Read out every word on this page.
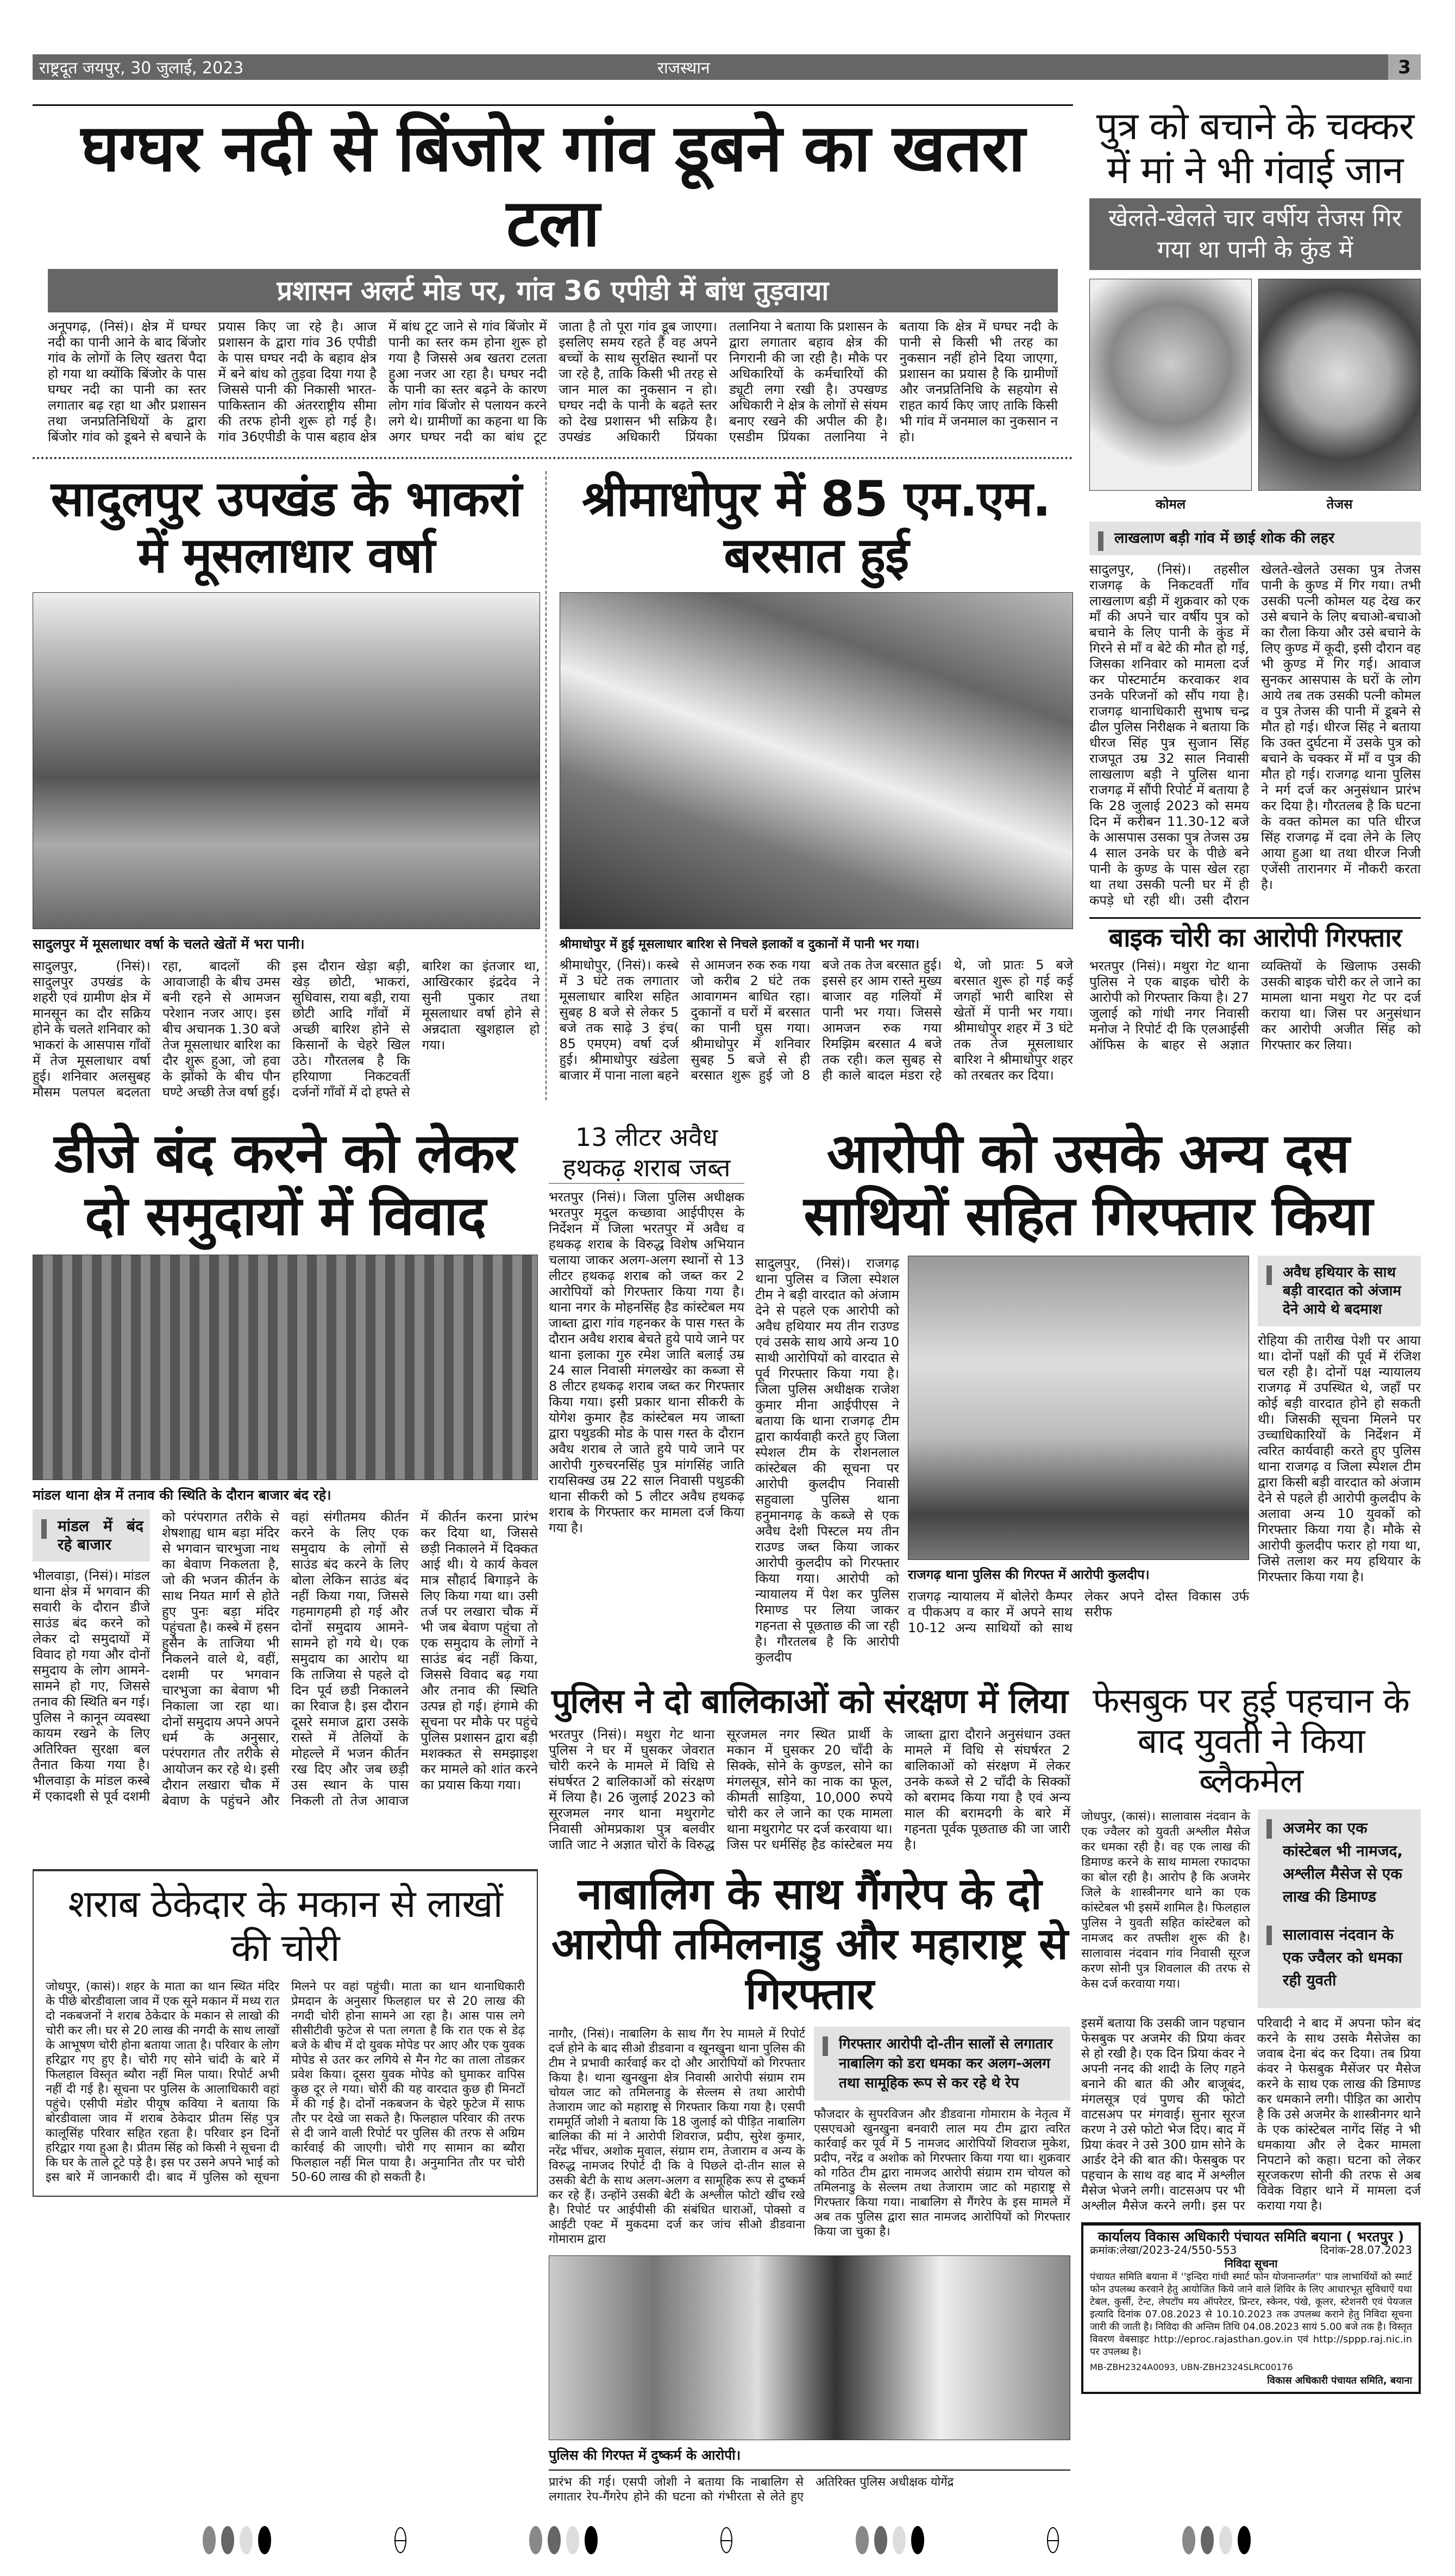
राष्ट्रदूत जयपुर, 30 जुलाई, 2023	राजस्थान	3
घग्घर नदी से बिंजोर गांव डूबने का खतरा टला
प्रशासन अलर्ट मोड पर, गांव 36 एपीडी में बांध तुड़वाया
अनूपगढ़, (निसं)। क्षेत्र में घग्घर नदी का पानी आने के बाद बिंजोर गांव के लोगों के लिए खतरा पैदा हो गया था क्योंकि बिंजोर के पास घग्घर नदी का पानी का स्तर लगातार बढ़ रहा था और प्रशासन तथा जनप्रतिनिधियों के द्वारा बिंजोर गांव को डूबने से बचाने के प्रयास किए जा रहे है। आज प्रशासन के द्वारा गांव 36 एपीडी के पास घग्घर नदी के बहाव क्षेत्र में बने बांध को तुड़वा दिया गया है जिससे पानी की निकासी भारत-पाकिस्तान की अंतरराष्ट्रीय सीमा की तरफ होनी शुरू हो गई है। गांव 36एपीडी के पास बहाव क्षेत्र में बांध टूट जाने से गांव बिंजोर में पानी का स्तर कम होना शुरू हो गया है जिससे अब खतरा टलता हुआ नजर आ रहा है। घग्घर नदी के पानी का स्तर बढ़ने के कारण लोग गांव बिंजोर से पलायन करने लगे थे। ग्रामीणों का कहना था कि अगर घग्घर नदी का बांध टूट जाता है तो पूरा गांव डूब जाएगा। इसलिए समय रहते हैं वह अपने बच्चों के साथ सुरक्षित स्थानों पर जा रहे है, ताकि किसी भी तरह से जान माल का नुकसान न हो। घग्घर नदी के पानी के बढ़ते स्तर को देख प्रशासन भी सक्रिय है। उपखंड अधिकारी प्रिंयका तलानिया ने बताया कि प्रशासन के द्वारा लगातार बहाव क्षेत्र की निगरानी की जा रही है। मौके पर अधिकारियों के कर्मचारियों की ड्यूटी लगा रखी है। उपखण्ड अधिकारी ने क्षेत्र के लोगों से संयम बनाए रखने की अपील की है। एसडीम प्रिंयका तलानिया ने बताया कि क्षेत्र में घग्घर नदी के पानी से किसी भी तरह का नुकसान नहीं होने दिया जाएगा, प्रशासन का प्रयास है कि ग्रामीणों और जनप्रतिनिधि के सहयोग से राहत कार्य किए जाए ताकि किसी भी गांव में जनमाल का नुकसान न हो।
सादुलपुर उपखंड के भाकरां में मूसलाधार वर्षा
सादुलपुर में मूसलाधार वर्षा के चलते खेतों में भरा पानी।
सादुलपुर, (निसं)। सादुलपुर उपखंड के शहरी एवं ग्रामीण क्षेत्र में मानसून का दौर सक्रिय होने के चलते शनिवार को भाकरां के आसपास गाँवों में तेज मूसलाधार वर्षा हुई। शनिवार अलसुबह मौसम पलपल बदलता रहा, बादलों की आवाजाही के बीच उमस बनी रहने से आमजन परेशान नजर आए। इस बीच अचानक 1.30 बजे तेज मूसलाधार बारिश का दौर शुरू हुआ, जो हवा के झोंको के बीच पौन घण्टे अच्छी तेज वर्षा हुई। इस दौरान खेड़ा बड़ी, खेड़ छोटी, भाकरां, सुधिवास, राया बड़ी, राया छोटी आदि गाँवों में अच्छी बारिश होने से किसानों के चेहरे खिल उठे। गौरतलब है कि हरियाणा निकटवर्ती दर्जनों गाँवों में दो हफ्ते से बारिश का इंतजार था, आखिरकार इंद्रदेव ने सुनी पुकार तथा मूसलाधार वर्षा होने से अन्नदाता खुशहाल हो गया।
श्रीमाधोपुर में 85 एम.एम. बरसात हुई
श्रीमाधोपुर में हुई मूसलाधार बारिश से निचले इलाकों व दुकानों में पानी भर गया।
श्रीमाधोपुर, (निसं)। कस्बे में 3 घंटे तक लगातार मूसलाधार बारिश सहित सुबह 8 बजे से लेकर 5 बजे तक साढ़े 3 इंच( 85 एमएम) वर्षा दर्ज हुई। श्रीमाधोपुर खंडेला बाजार में पाना नाला बहने से आमजन रुक रुक गया जो करीब 2 घंटे तक आवागमन बाधित रहा। दुकानों व घरों में बरसात का पानी घुस गया। श्रीमाधोपुर में शनिवार सुबह 5 बजे से ही बरसात शुरू हुई जो 8 बजे तक तेज बरसात हुई। इससे हर आम रास्ते मुख्य बाजार वह गलियों में पानी भर गया। जिससे आमजन रुक गया रिमझिम बरसात 4 बजे तक रही। कल सुबह से ही काले बादल मंडरा रहे थे, जो प्रातः 5 बजे बरसात शुरू हो गई कई जगहों भारी बारिश से खेतों में पानी भर गया। श्रीमाधोपुर शहर में 3 घंटे तक तेज मूसलाधार बारिश ने श्रीमाधोपुर शहर को तरबतर कर दिया।
पुत्र को बचाने के चक्कर में मां ने भी गंवाई जान
खेलते-खेलते चार वर्षीय तेजस गिर गया था पानी के कुंड में
कोमल	तेजस
लाखलाण बड़ी गांव में छाई शोक की लहर
सादुलपुर, (निसं)। तहसील राजगढ़ के निकटवर्ती गाँव लाखलाण बड़ी में शुक्रवार को एक माँ की अपने चार वर्षीय पुत्र को बचाने के लिए पानी के कुंड में गिरने से माँ व बेटे की मौत हो गई, जिसका शनिवार को मामला दर्ज कर पोस्टमार्टम करवाकर शव उनके परिजनों को सौंप गया है। राजगढ़ थानाधिकारी सुभाष चन्द्र ढील पुलिस निरीक्षक ने बताया कि धीरज सिंह पुत्र सुजान सिंह राजपूत उम्र 32 साल निवासी लाखलाण बड़ी ने पुलिस थाना राजगढ़ में सौंपी रिपोर्ट में बताया है कि 28 जुलाई 2023 को समय दिन में करीबन 11.30-12 बजे के आसपास उसका पुत्र तेजस उम्र 4 साल उनके घर के पीछे बने पानी के कुण्ड के पास खेल रहा था तथा उसकी पत्नी घर में ही कपड़े धो रही थी। उसी दौरान खेलते-खेलते उसका पुत्र तेजस पानी के कुण्ड में गिर गया। तभी उसकी पत्नी कोमल यह देख कर उसे बचाने के लिए बचाओ-बचाओ का रौला किया और उसे बचाने के लिए कुण्ड में कूदी, इसी दौरान वह भी कुण्ड में गिर गई। आवाज सुनकर आसपास के घरों के लोग आये तब तक उसकी पत्नी कोमल व पुत्र तेजस की पानी में डूबने से मौत हो गई। धीरज सिंह ने बताया कि उक्त दुर्घटना में उसके पुत्र को बचाने के चक्कर में माँ व पुत्र की मौत हो गई। राजगढ़ थाना पुलिस ने मर्ग दर्ज कर अनुसंधान प्रारंभ कर दिया है। गौरतलब है कि घटना के वक्त कोमल का पति धीरज सिंह राजगढ़ में दवा लेने के लिए आया हुआ था तथा धीरज निजी एजेंसी तारानगर में नौकरी करता है।
बाइक चोरी का आरोपी गिरफ्तार
भरतपुर (निसं)। मथुरा गेट थाना पुलिस ने एक बाइक चोरी के आरोपी को गिरफ्तार किया है। 27 जुलाई को गांधी नगर निवासी मनोज ने रिपोर्ट दी कि एलआईसी ऑफिस के बाहर से अज्ञात व्यक्तियों के खिलाफ उसकी उसकी बाइक चोरी कर ले जाने का मामला थाना मथुरा गेट पर दर्ज कराया था। जिस पर अनुसंधान कर आरोपी अजीत सिंह को गिरफ्तार कर लिया।
डीजे बंद करने को लेकर दो समुदायों में विवाद
मांडल थाना क्षेत्र में तनाव की स्थिति के दौरान बाजार बंद रहे।
मांडल में बंद रहे बाजार
भीलवाड़ा, (निसं)। मांडल थाना क्षेत्र में भगवान की सवारी के दौरान डीजे साउंड बंद करने को लेकर दो समुदायों में विवाद हो गया और दोनों समुदाय के लोग आमने-सामने हो गए, जिससे तनाव की स्थिति बन गई। पुलिस ने कानून व्यवस्था कायम रखने के लिए अतिरिक्त सुरक्षा बल तैनात किया गया है। भीलवाड़ा के मांडल कस्बे में एकादशी से पूर्व दशमी को परंपरागत तरीके से शेषशाह्य धाम बड़ा मंदिर से भगवान चारभुजा नाथ का बेवाण निकलता है, जो की भजन कीर्तन के साथ नियत मार्ग से होते हुए पुनः बड़ा मंदिर पहुंचता है। कस्बे में हसन हुसैन के ताजिया भी निकलने वाले थे, वहीं, दशमी पर भगवान चारभुजा का बेवाण भी निकाला जा रहा था। दोनों समुदाय अपने अपने धर्म के अनुसार, परंपरागत तौर तरीके से आयोजन कर रहे थे। इसी दौरान लखारा चौक में बेवाण के पहुंचने और वहां संगीतमय कीर्तन करने के लिए एक समुदाय के लोगों से साउंड बंद करने के लिए बोला लेकिन साउंड बंद नहीं किया गया, जिससे गहमागहमी हो गई और दोनों समुदाय आमने-सामने हो गये थे। एक समुदाय का आरोप था कि ताजिया से पहले दो दिन पूर्व छडी निकालने का रिवाज है। इस दौरान दूसरे समाज द्वारा उसके रास्ते में तेलियों के मोहल्ले में भजन कीर्तन रख दिए और जब छड़ी उस स्थान के पास निकली तो तेज आवाज में कीर्तन करना प्रारंभ कर दिया था, जिससे छड़ी निकालने में दिक्कत आई थी। ये कार्य केवल मात्र सौहार्द बिगाड़ने के लिए किया गया था। उसी तर्ज पर लखारा चौक में भी जब बेवाण पहुंचा तो एक समुदाय के लोगों ने साउंड बंद नहीं किया, जिससे विवाद बढ़ गया और तनाव की स्थिति उत्पन्न हो गई। हंगामे की सूचना पर मौके पर पहुंचे पुलिस प्रशासन द्वारा बड़ी मशक्कत से समझाइश कर मामले को शांत करने का प्रयास किया गया।
13 लीटर अवैध
हथकढ़ शराब जब्त
भरतपुर (निसं)। जिला पुलिस अधीक्षक भरतपुर मृदुल कच्छावा आईपीएस के निर्देशन में जिला भरतपुर में अवैध व हथकढ़ शराब के विरुद्ध विशेष अभियान चलाया जाकर अलग-अलग स्थानों से 13 लीटर हथकढ़ शराब को जब्त कर 2 आरोपियों को गिरफ्तार किया गया है। थाना नगर के मोहनसिंह हैड कांस्टेबल मय जाब्ता द्वारा गांव गहनकर के पास गस्त के दौरान अवैध शराब बेचते हुये पाये जाने पर थाना इलाका गुरु रमेश जाति बलाई उम्र 24 साल निवासी मंगलखेर का कब्जा से 8 लीटर हथकढ़ शराब जब्त कर गिरफ्तार किया गया। इसी प्रकार थाना सीकरी के योगेश कुमार हैड कांस्टेबल मय जाब्ता द्वारा पथुडकी मोड के पास गस्त के दौरान अवैध शराब ले जाते हुये पाये जाने पर आरोपी गुरुचरनसिंह पुत्र मांगसिंह जाति रायसिक्ख उम्र 22 साल निवासी पथुडकी थाना सीकरी को 5 लीटर अवैध हथकढ़ शराब के गिरफ्तार कर मामला दर्ज किया गया है।
आरोपी को उसके अन्य दस साथियों सहित गिरफ्तार किया
सादुलपुर, (निसं)। राजगढ़ थाना पुलिस व जिला स्पेशल टीम ने बड़ी वारदात को अंजाम देने से पहले एक आरोपी को अवैध हथियार मय तीन राउण्ड एवं उसके साथ आये अन्य 10 साथी आरोपियों को वारदात से पूर्व गिरफ्तार किया गया है। जिला पुलिस अधीक्षक राजेश कुमार मीना आईपीएस ने बताया कि थाना राजगढ़ टीम द्वारा कार्यवाही करते हुए जिला स्पेशल टीम के रोशनलाल कांस्टेबल की सूचना पर आरोपी कुलदीप निवासी सहुवाला पुलिस थाना हनुमानगढ़ के कब्जे से एक अवैध देशी पिस्टल मय तीन राउण्ड जब्त किया जाकर आरोपी कुलदीप को गिरफ्तार किया गया। आरोपी को न्यायालय में पेश कर पुलिस रिमाण्ड पर लिया जाकर गहनता से पूछताछ की जा रही है। गौरतलब है कि आरोपी कुलदीप
राजगढ़ थाना पुलिस की गिरफ्त में आरोपी कुलदीप।
राजगढ़ न्यायालय में बोलेरो कैम्पर व पीकअप व कार में अपने साथ 10-12 अन्य साथियों को साथ लेकर अपने दोस्त विकास उर्फ सरीफ
अवैध हथियार के साथ बड़ी वारदात को अंजाम देने आये थे बदमाश
रोहिया की तारीख पेशी पर आया था। दोनों पक्षों की पूर्व में रंजिश चल रही है। दोनों पक्ष न्यायालय राजगढ़ में उपस्थित थे, जहाँ पर कोई बड़ी वारदात होने हो सकती थी। जिसकी सूचना मिलने पर उच्चाधिकारियों के निर्देशन में त्वरित कार्यवाही करते हुए पुलिस थाना राजगढ़ व जिला स्पेशल टीम द्वारा किसी बड़ी वारदात को अंजाम देने से पहले ही आरोपी कुलदीप के अलावा अन्य 10 युवकों को गिरफ्तार किया गया है। मौके से आरोपी कुलदीप फरार हो गया था, जिसे तलाश कर मय हथियार के गिरफ्तार किया गया है।
पुलिस ने दो बालिकाओं को संरक्षण में लिया
भरतपुर (निसं)। मथुरा गेट थाना पुलिस ने घर में घुसकर जेवरात चोरी करने के मामले में विधि से संघर्षरत 2 बालिकाओं को संरक्षण में लिया है। 26 जुलाई 2023 को सूरजमल नगर थाना मथुरागेट निवासी ओमप्रकाश पुत्र बलवीर जाति जाट ने अज्ञात चोरों के विरुद्ध सूरजमल नगर स्थित प्रार्थी के मकान में घुसकर 20 चाँदी के सिक्के, सोने के कुण्डल, सोने का मंगलसूत्र, सोने का नाक का फूल, कीमती साड़िया, 10,000 रुपये चोरी कर ले जाने का एक मामला थाना मथुरागेट पर दर्ज करवाया था। जिस पर धर्मसिंह हैड कांस्टेबल मय जाब्ता द्वारा दौराने अनुसंधान उक्त मामले में विधि से संघर्षरत 2 बालिकाओं को संरक्षण में लेकर उनके कब्जे से 2 चाँदी के सिक्कों को बरामद किया गया है एवं अन्य माल की बरामदगी के बारे में गहनता पूर्वक पूछताछ की जा जारी है।
फेसबुक पर हुई पहचान के बाद युवती ने किया ब्लैकमेल
जोधपुर, (कासं)। सालावास नंदवान के एक ज्वैलर को युवती अश्लील मैसेज कर धमका रही है। वह एक लाख की डिमाण्ड करने के साथ मामला रफादफा का बोल रही है। आरोप है कि अजमेर जिले के शास्त्रीनगर थाने का एक कांस्टेबल भी इसमें शामिल है। फिलहाल पुलिस ने युवती सहित कांस्टेबल को नामजद कर तफ्तीश शुरू की है। सालावास नंदवान गांव निवासी सूरज करण सोनी पुत्र शिवलाल की तरफ से केस दर्ज करवाया गया।
अजमेर का एक कांस्टेबल भी नामजद, अश्लील मैसेज से एक लाख की डिमाण्ड
सालावास नंदवान के एक ज्वैलर को धमका रही युवती
इसमें बताया कि उसकी जान पहचान फेसबुक पर अजमेर की प्रिया कंवर से हो रखी है। एक दिन प्रिया कंवर ने अपनी ननद की शादी के लिए गहने बनाने की बात की और बाजूबंद, मंगलसूत्र एवं पुणच की फोटो वाटसअप पर मंगवाई। सुनार सूरज करण ने उसे फोटो भेज दिए। बाद में प्रिया कंवर ने उसे 300 ग्राम सोने के आर्डर देने की बात की। फेसबुक पर पहचान के साथ वह बाद में अश्लील मैसेज भेजने लगी। वाटसअप पर भी अश्लील मैसेज करने लगी। इस पर परिवादी ने बाद में अपना फोन बंद करने के साथ उसके मैसेजेस का जवाब देना बंद कर दिया। तब प्रिया कंवर ने फेसबुक मैसेंजर पर मैसेज करने के साथ एक लाख की डिमाण्ड कर धमकाने लगी। पीड़ित का आरोप है कि उसे अजमेर के शास्त्रीनगर थाने के एक कांस्टेबल नागेंद सिंह ने भी धमकाया और ले देकर मामला निपटाने को कहा। घटना को लेकर सूरजकरण सोनी की तरफ से अब विवेक विहार थाने में मामला दर्ज कराया गया है।
कार्यालय विकास अधिकारी पंचायत समिति बयाना ( भरतपुर )
क्रमांक:लेखा/2023-24/550-553	दिनांक-28.07.2023
निविदा सूचना
पंचायत समिति बयाना में ''इन्दिरा गांधी स्मार्ट फोन योजनान्तर्गत'' पात्र लाभार्थियों को स्मार्ट फोन उपलब्ध करवाने हेतु आयोजित किये जाने वाले शिविर के लिए आधारभूत सुविधाऐं यथा टेबल, कुर्सी, टेन्ट, लेपटॉप मय ऑपरेटर, प्रिन्टर, स्केनर, पंखे, कूलर, स्टेशनरी एवं पेयजल इत्यादि दिनांक 07.08.2023 से 10.10.2023 तक उपलब्ध कराने हेतु निविदा सूचना जारी की जाती है। निविदा की अन्तिम तिथि 04.08.2023 सायं 5.00 बजे तक है। विस्तृत विवरण वेबसाइट http://eproc.rajasthan.gov.in एवं http://sppp.raj.nic.in पर उपलब्ध है।
MB-ZBH2324A0093, UBN-ZBH2324SLRC00176
विकास अधिकारी पंचायत समिति, बयाना
शराब ठेकेदार के मकान से लाखों की चोरी
जोधपुर, (कासं)। शहर के माता का थान स्थित मंदिर के पीछे बोरडीवाला जाव में एक सूने मकान में मध्य रात दो नकबजनों ने शराब ठेकेदार के मकान से लाखो की चोरी कर ली। घर से 20 लाख की नगदी के साथ लाखों के आभूषण चोरी होना बताया जाता है। परिवार के लोग हरिद्वार गए हुए है। चोरी गए सोने चांदी के बारे में फिलहाल विस्तृत ब्यौरा नहीं मिल पाया। रिपोर्ट अभी नहीं दी गई है। सूचना पर पुलिस के आलाधिकारी वहां पहुंचे। एसीपी मंडोर पीयूष कविया ने बताया कि बोरडीवाला जाव में शराब ठेकेदार प्रीतम सिंह पुत्र कालूसिंह परिवार सहित रहता है। परिवार इन दिनों हरिद्वार गया हुआ है। प्रीतम सिंह को किसी ने सूचना दी कि घर के ताले टूटे पड़े है। इस पर उसने अपने भाई को इस बारे में जानकारी दी। बाद में पुलिस को सूचना मिलने पर वहां पहुंची। माता का थान थानाधिकारी प्रेमदान के अनुसार फिलहाल घर से 20 लाख की नगदी चोरी होना सामने आ रहा है। आस पास लगे सीसीटीवी फुटेज से पता लगता है कि रात एक से डेढ़ बजे के बीच में दो युवक मोपेड पर आए और एक युवक मोपेड से उतर कर लगिये से मैन गेट का ताला तोडक़र प्रवेश किया। दूसरा युवक मोपेड को घुमाकर वापिस कुछ दूर ले गया। चोरी की यह वारदात कुछ ही मिनटों में की गई है। दोनों नकबजन के चेहरे फुटेज में साफ तौर पर देखे जा सकते है। फिलहाल परिवार की तरफ से दी जाने वाली रिपोर्ट पर पुलिस की तरफ से अग्रिम कार्रवाई की जाएगी। चोरी गए सामान का ब्यौरा फिलहाल नहीं मिल पाया है। अनुमानित तौर पर चोरी 50-60 लाख की हो सकती है।
नाबालिग के साथ गैंगरेप के दो आरोपी तमिलनाडु और महाराष्ट्र से गिरफ्तार
नागौर, (निसं)। नाबालिग के साथ गैंग रेप मामले में रिपोर्ट दर्ज होने के बाद सीओ डीडवाना व खूनखुना थाना पुलिस की टीम ने प्रभावी कार्रवाई कर दो और आरोपियों को गिरफ्तार किया है। थाना खुनखुना क्षेत्र निवासी आरोपी संग्राम राम चोयल जाट को तमिलनाडु के सेल्लम से तथा आरोपी तेजाराम जाट को महाराष्ट्र से गिरफ्तार किया गया है। एसपी राममूर्ति जोशी ने बताया कि 18 जुलाई को पीड़ित नाबालिग बालिका की मां ने आरोपी शिवराज, प्रदीप, सुरेश कुमार, नरेंद्र भींचर, अशोक मुवाल, संग्राम राम, तेजाराम व अन्य के विरुद्ध नामजद रिपोर्ट दी कि वे पिछले दो-तीन साल से उसकी बेटी के साथ अलग-अलग व सामूहिक रूप से दुष्कर्म कर रहे हैं। उन्होंने उसकी बेटी के अश्लील फोटो खींच रखे है। रिपोर्ट पर आईपीसी की संबंधित धाराओं, पोक्सो व आईटी एक्ट में मुकदमा दर्ज कर जांच सीओ डीडवाना गोमाराम द्वारा
गिरफ्तार आरोपी दो-तीन सालों से लगातार नाबालिग को डरा धमका कर अलग-अलग तथा सामूहिक रूप से कर रहे थे रेप
फौजदार के सुपरविजन और डीडवाना गोमाराम के नेतृत्व में एसएचओ खुनखुना बनवारी लाल मय टीम द्वारा त्वरित कार्रवाई कर पूर्व में 5 नामजद आरोपियों शिवराज मुकेश, प्रदीप, नरेंद्र व अशोक को गिरफ्तार किया गया था। शुक्रवार को गठित टीम द्वारा नामजद आरोपी संग्राम राम चोयल को तमिलनाडु के सेल्लम तथा तेजाराम जाट को महाराष्ट्र से गिरफ्तार किया गया। नाबालिग से गैंगरेप के इस मामले में अब तक पुलिस द्वारा सात नामजद आरोपियों को गिरफ्तार किया जा चुका है।
पुलिस की गिरफ्त में दुष्कर्म के आरोपी।
प्रारंभ की गई। एसपी जोशी ने बताया कि नाबालिग से लगातार रेप-गैंगरेप होने की घटना को गंभीरता से लेते हुए अतिरिक्त पुलिस अधीक्षक योगेंद्र
